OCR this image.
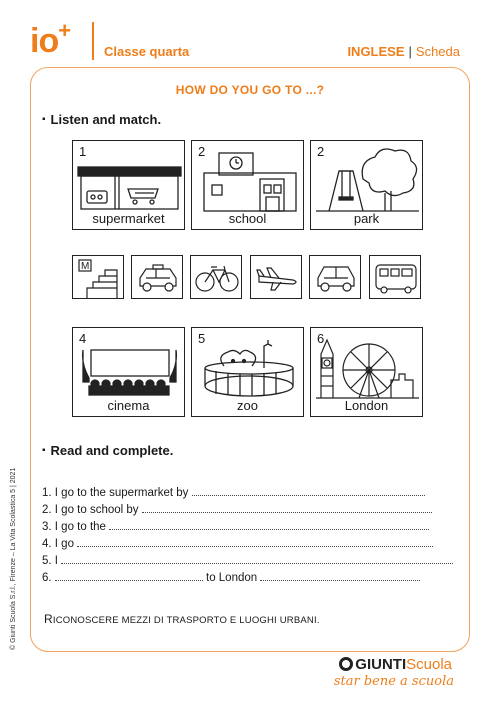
io+
Classe quarta	INGLESE | Scheda
HOW DO YOU GO TO ...?
▪ Listen and match.
1
supermarket
2
school
2
park
M
4
cinema
5
zoo
6
London
▪ Read and complete.
1. I go to the supermarket by
2. I go to school by
3. I go to the
4. I go
5. I
6.	to London
RICONOSCERE MEZZI DI TRASPORTO E LUOGHI URBANI.
© Giunti Scuola S.r.l., Firenze – La Vita Scolastica 5 | 2021
GIUNTIScuola
star bene a scuola
